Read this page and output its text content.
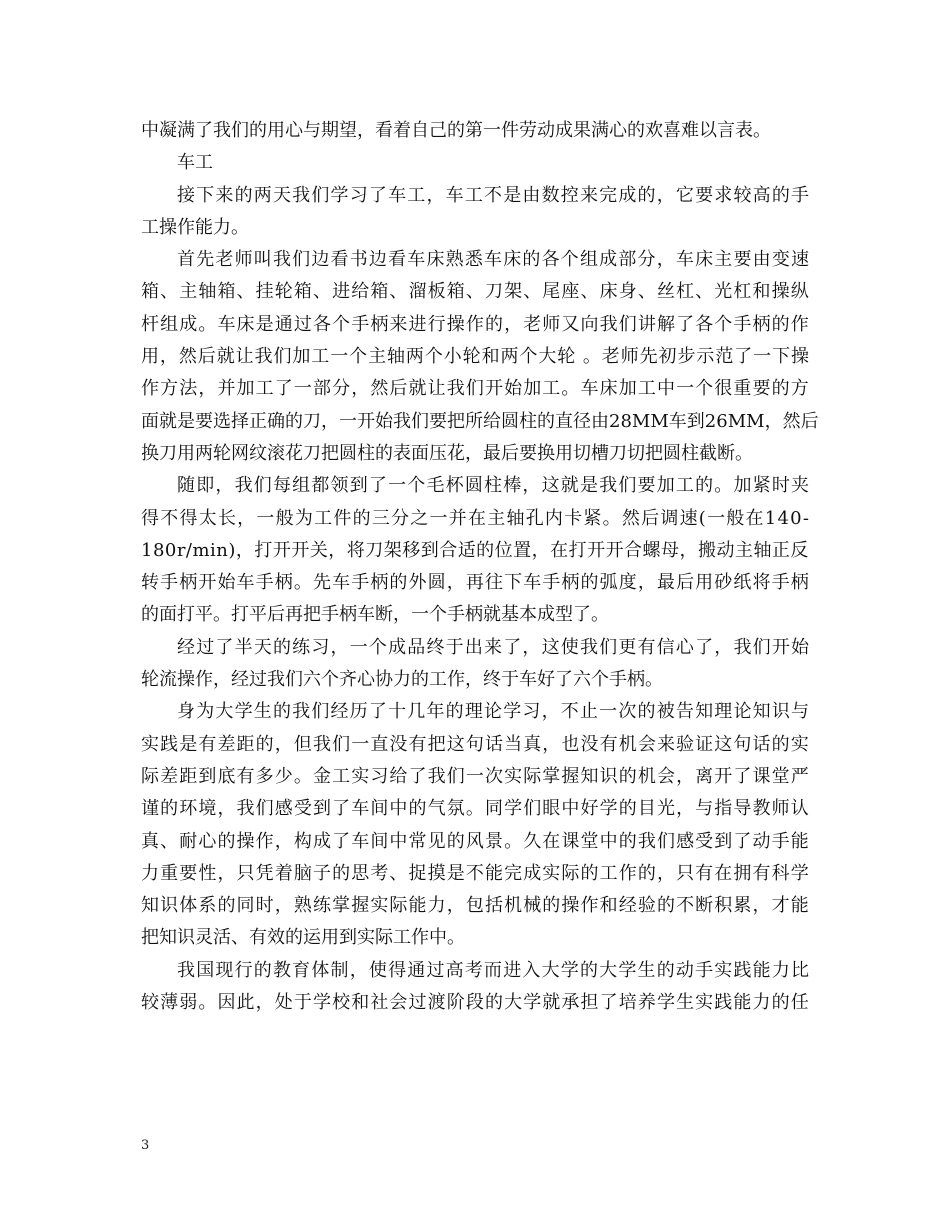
中凝满了我们的用心与期望，看着自己的第一件劳动成果满心的欢喜难以言表。
车工
接 下 来 的 两 天 我 们 学 习 了 车 工 ， 车 工 不 是 由 数 控 来 完 成 的 ， 它 要 求 较 高 的 手
工操作能力。
首 先 老 师 叫 我 们 边 看 书 边 看 车 床 熟 悉 车 床 的 各 个 组 成 部 分 ， 车 床 主 要 由 变 速
箱 、 主 轴 箱 、 挂 轮 箱 、 进 给 箱 、 溜 板 箱 、 刀 架 、 尾 座 、 床 身 、 丝 杠 、 光 杠 和 操 纵
杆 组 成 。 车 床 是 通 过 各 个 手 柄 来 进 行 操 作 的 ， 老 师 又 向 我 们 讲 解 了 各 个 手 柄 的 作
用 ， 然 后 就 让 我 们 加 工 一 个 主 轴 两 个 小 轮 和 两 个 大 轮
。 老 师 先 初 步 示 范 了 一 下 操
作 方 法 ， 并 加 工 了 一 部 分 ， 然 后 就 让 我 们 开 始 加 工 。 车 床 加 工 中 一 个 很 重 要 的 方
面 就 是 要 选 择 正 确 的 刀 ， 一 开 始 我 们 要 把 所 给 圆 柱 的 直 径 由 2 8 M M 车 到 2 6 M M ， 然 后
换刀用两轮网纹滚花刀把圆柱的表面压花，最后要换用切槽刀切把圆柱截断。
随 即 ， 我 们 每 组 都 领 到 了 一 个 毛 杯 圆 柱 棒 ， 这 就 是 我 们 要 加 工 的 。 加 紧 时 夹
得 不 得 太 长 ， 一 般 为 工 件 的 三 分 之 一 并 在 主 轴 孔 内 卡 紧 。 然 后 调 速 ( 一 般 在 1 4 0 -
1 8 0 r / m i n ) ， 打 开 开 关 ， 将 刀 架 移 到 合 适 的 位 置 ， 在 打 开 开 合 螺 母 ， 搬 动 主 轴 正 反
转 手 柄 开 始 车 手 柄 。 先 车 手 柄 的 外 圆 ， 再 往 下 车 手 柄 的 弧 度 ， 最 后 用 砂 纸 将 手 柄
的面打平。打平后再把手柄车断，一个手柄就基本成型了。
经 过 了 半 天 的 练 习 ， 一 个 成 品 终 于 出 来 了 ， 这 使 我 们 更 有 信 心 了 ， 我 们 开 始
轮流操作，经过我们六个齐心协力的工作，终于车好了六个手柄。
身 为 大 学 生 的 我 们 经 历 了 十 几 年 的 理 论 学 习 ， 不 止 一 次 的 被 告 知 理 论 知 识 与
实 践 是 有 差 距 的 ， 但 我 们 一 直 没 有 把 这 句 话 当 真 ， 也 没 有 机 会 来 验 证 这 句 话 的 实
际 差 距 到 底 有 多 少 。 金 工 实 习 给 了 我 们 一 次 实 际 掌 握 知 识 的 机 会 ， 离 开 了 课 堂 严
谨 的 环 境 ， 我 们 感 受 到 了 车 间 中 的 气 氛 。 同 学 们 眼 中 好 学 的 目 光 ， 与 指 导 教 师 认
真 、 耐 心 的 操 作 ， 构 成 了 车 间 中 常 见 的 风 景 。 久 在 课 堂 中 的 我 们 感 受 到 了 动 手 能
力 重 要 性 ， 只 凭 着 脑 子 的 思 考 、 捉 摸 是 不 能 完 成 实 际 的 工 作 的 ， 只 有 在 拥 有 科 学
知 识 体 系 的 同 时 ， 熟 练 掌 握 实 际 能 力 ， 包 括 机 械 的 操 作 和 经 验 的 不 断 积 累 ， 才 能
把知识灵活、有效的运用到实际工作中。
我 国 现 行 的 教 育 体 制 ， 使 得 通 过 高 考 而 进 入 大 学 的 大 学 生 的 动 手 实 践 能 力 比
较 薄 弱 。 因 此 ， 处 于 学 校 和 社 会 过 渡 阶 段 的 大 学 就 承 担 了 培 养 学 生 实 践 能 力 的 任
3
